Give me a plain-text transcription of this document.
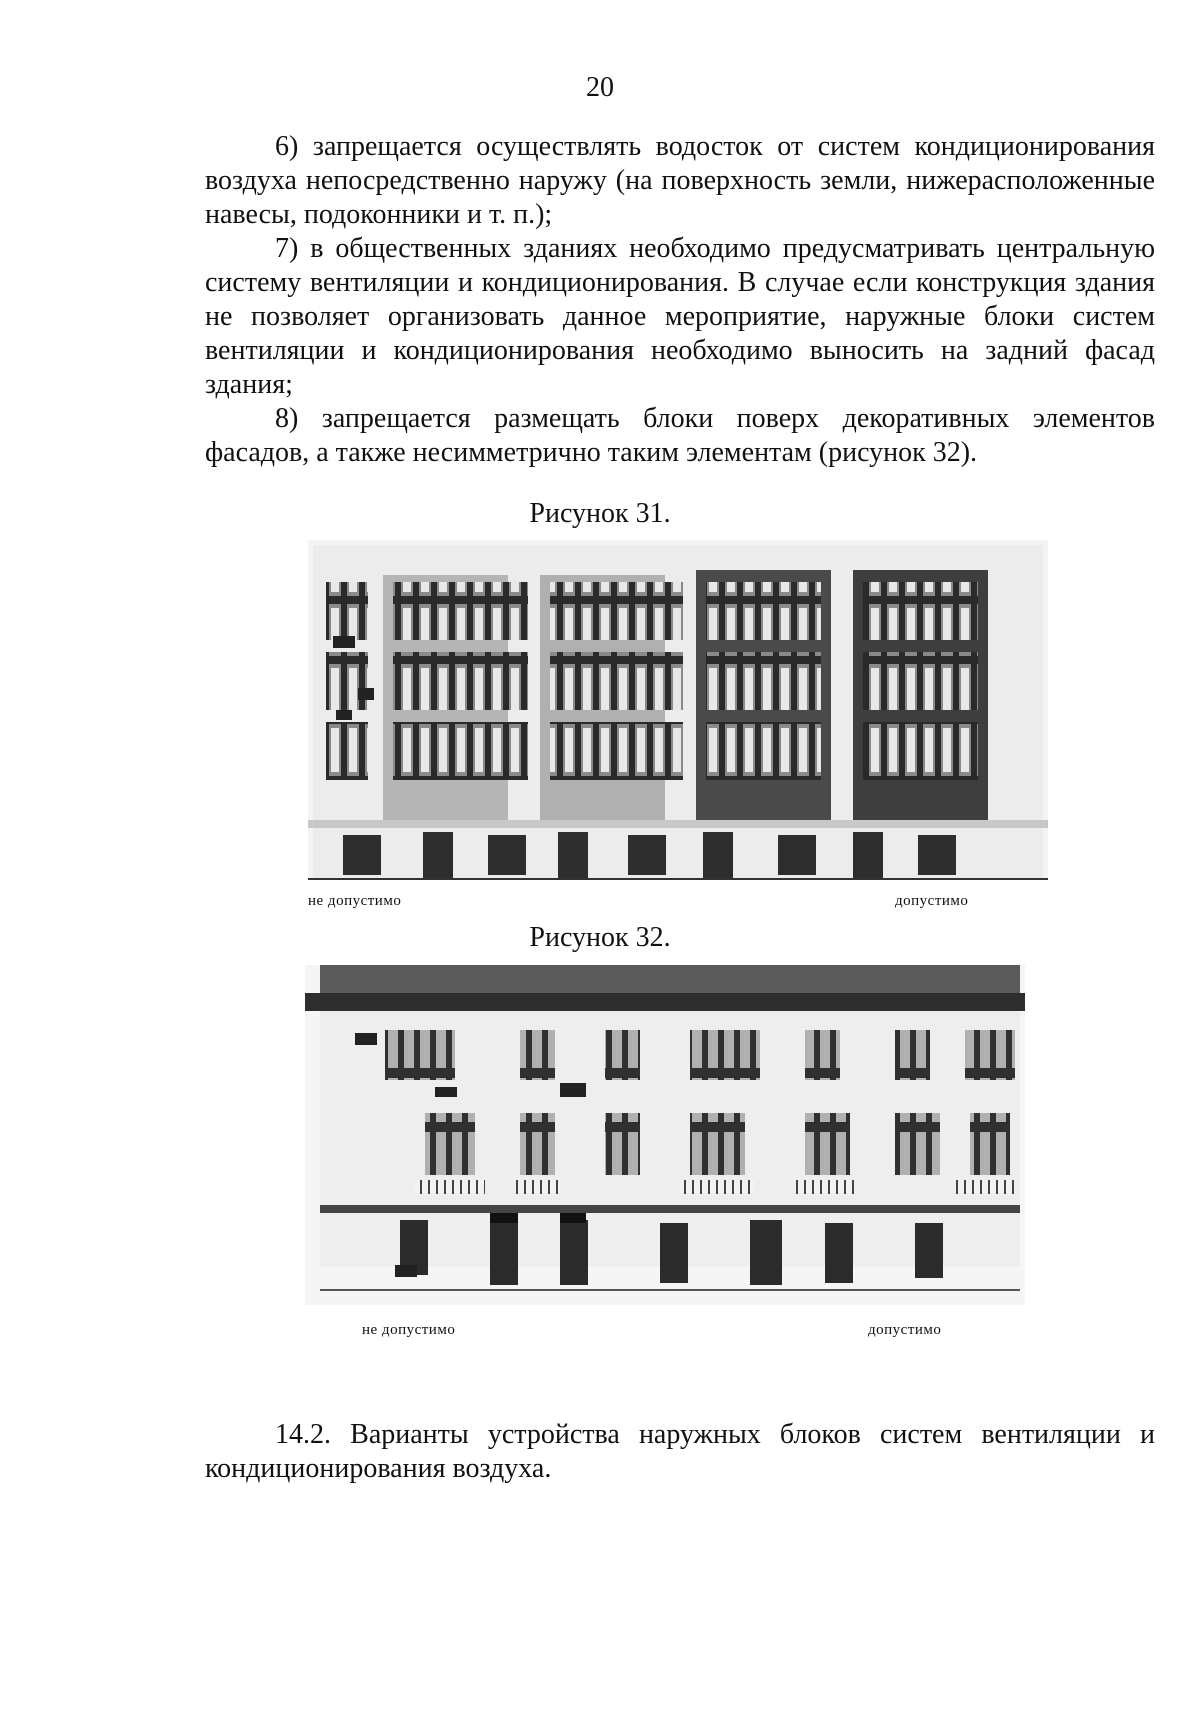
20

6) запрещается осуществлять водосток от систем кондиционирования воздуха непосредственно наружу (на поверхность земли, нижерасположенные навесы, подоконники и т. п.);

7) в общественных зданиях необходимо предусматривать центральную систему вентиляции и кондиционирования. В случае если конструкция здания не позволяет организовать данное мероприятие, наружные блоки систем вентиляции и кондиционирования необходимо выносить на задний фасад здания;

8) запрещается размещать блоки поверх декоративных элементов фасадов, а также несимметрично таким элементам (рисунок 32).

Рисунок 31.
не допустимо	допустимо
Рисунок 32.
не допустимо	допустимо

14.2. Варианты устройства наружных блоков систем вентиляции и кондиционирования воздуха.
